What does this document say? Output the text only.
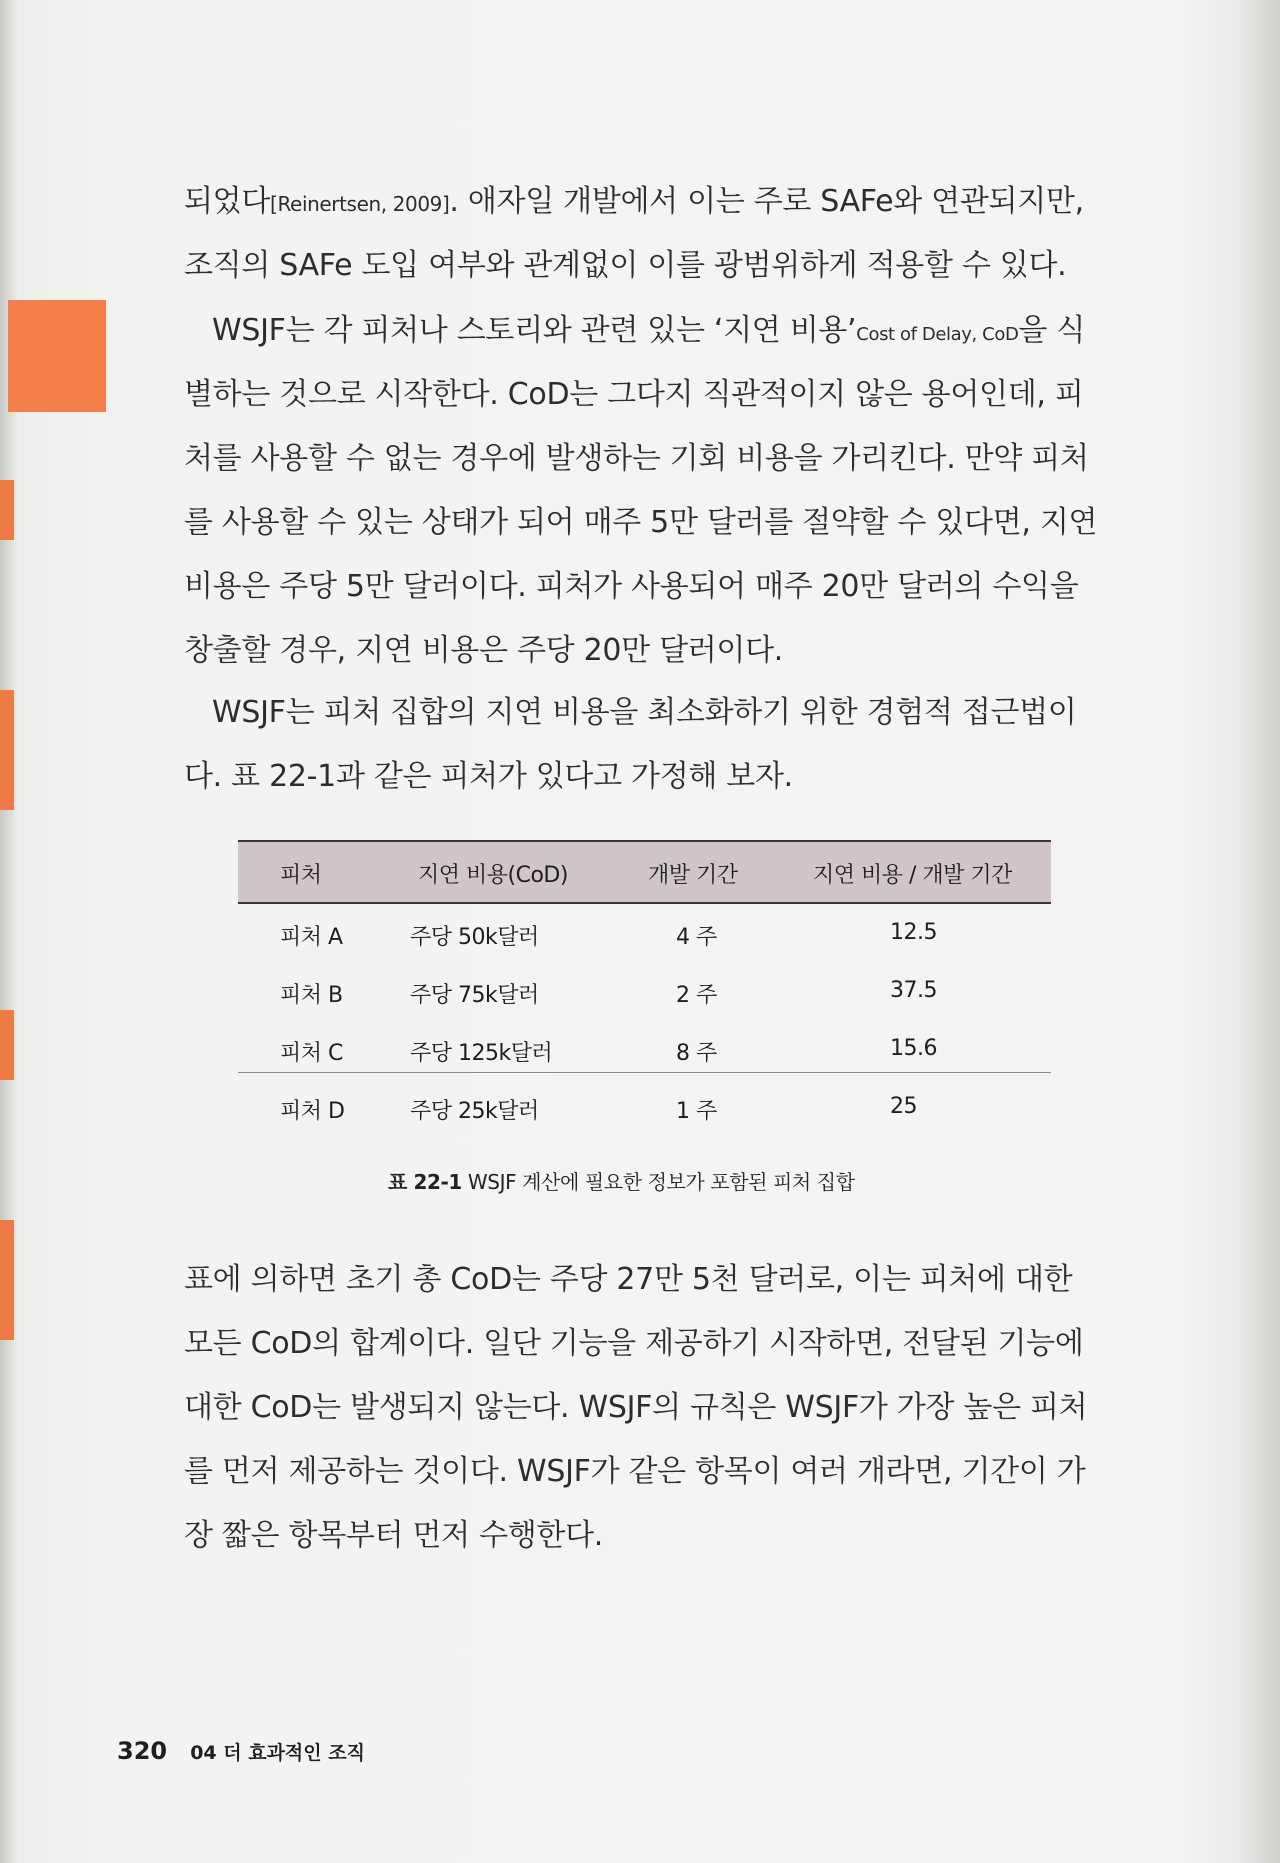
되었다[Reinertsen, 2009]. 애자일 개발에서 이는 주로 SAFe와 연관되지만,
조직의 SAFe 도입 여부와 관계없이 이를 광범위하게 적용할 수 있다.
WSJF는 각 피처나 스토리와 관련 있는 ‘지연 비용’Cost of Delay, CoD을 식
별하는 것으로 시작한다. CoD는 그다지 직관적이지 않은 용어인데, 피
처를 사용할 수 없는 경우에 발생하는 기회 비용을 가리킨다. 만약 피처
를 사용할 수 있는 상태가 되어 매주 5만 달러를 절약할 수 있다면, 지연
비용은 주당 5만 달러이다. 피처가 사용되어 매주 20만 달러의 수익을
창출할 경우, 지연 비용은 주당 20만 달러이다.
WSJF는 피처 집합의 지연 비용을 최소화하기 위한 경험적 접근법이
다. 표 22-1과 같은 피처가 있다고 가정해 보자.
표에 의하면 초기 총 CoD는 주당 27만 5천 달러로, 이는 피처에 대한
모든 CoD의 합계이다. 일단 기능을 제공하기 시작하면, 전달된 기능에
대한 CoD는 발생되지 않는다. WSJF의 규칙은 WSJF가 가장 높은 피처
를 먼저 제공하는 것이다. WSJF가 같은 항목이 여러 개라면, 기간이 가
장 짧은 항목부터 먼저 수행한다.
피처	지연 비용(CoD)	개발 기간	지연 비용 / 개발 기간
피처 A	주당 50k달러	4 주	12.5
피처 B	주당 75k달러	2 주	37.5
피처 C	주당 125k달러	8 주	15.6
피처 D	주당 25k달러	1 주	25
표 22-1 WSJF 계산에 필요한 정보가 포함된 피처 집합
320 04 더 효과적인 조직
